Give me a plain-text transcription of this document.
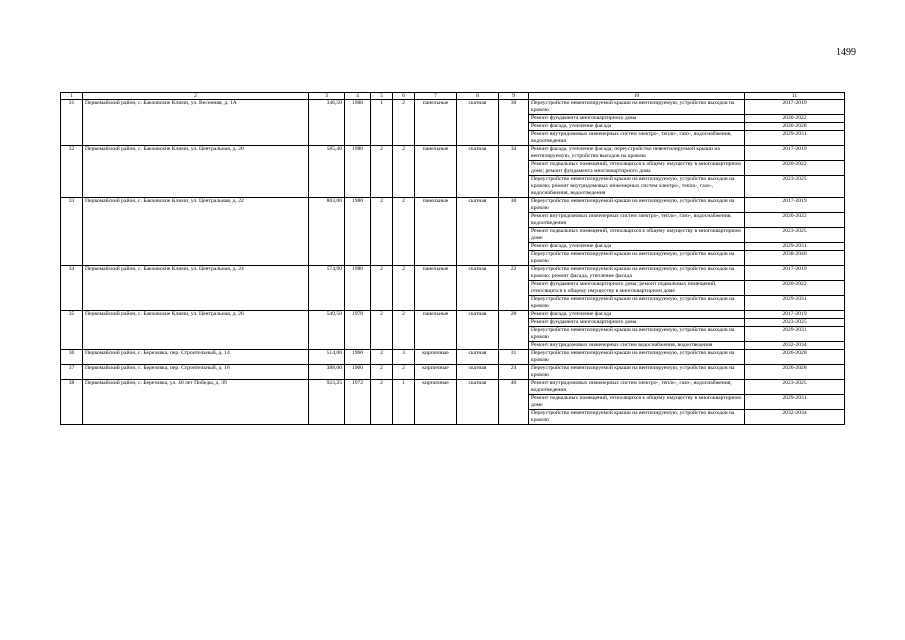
1499
1	2	3	4	5	6	7	8	9	10	11
31	Первомайский район, с. Бакчовские Ключи, ул. Весенняя, д. 1А	346,50	1980	1	2	панельные	скатная	30	Переустройство невентилируемой крыши на вентилируемую, устройство выходов на кровлю	2017-2019
									Ремонт фундамента многоквартирного дома	2020-2022
									Ремонт фасада, утепление фасада	2026-2028
									Ремонт внутридомовых инженерных систем электро-, тепло-, газо-, водоснабжения, водоотведения	2029-2031
32	Первомайский район, с. Бакчовские Ключи, ул. Центральная, д. 20	585,40	1980	2	2	панельные	скатная	34	Ремонт фасада, утепление фасада; переустройство невентилируемой крыши на вентилируемую, устройство выходов на кровлю	2017-2019
									Ремонт подвальных помещений, относящихся к общему имуществу в многоквартирном доме; ремонт фундамента многоквартирного дома	2020-2022
									Переустройство невентилируемой крыши на вентилируемую, устройство выходов на кровлю; ремонт внутридомовых инженерных систем электро-, тепло-, газо-, водоснабжения, водоотведения	2023-2025
33	Первомайский район, с. Бакчовские Ключи, ул. Центральная, д. 22	803,00	1980	2	2	панельные	скатная	30	Переустройство невентилируемой крыши на вентилируемую, устройство выходов на кровлю	2017-2019
									Ремонт внутридомовых инженерных систем электро-, тепло-, газо-, водоснабжения, водоотведения	2020-2022
									Ремонт подвальных помещений, относящихся к общему имуществу в многоквартирном доме	2023-2025
									Ремонт фасада, утепление фасада	2029-2031
									Переустройство невентилируемой крыши на вентилируемую, устройство выходов на кровлю	2038-2040
34	Первомайский район, с. Бакчовские Ключи, ул. Центральная, д. 24	574,90	1980	2	2	панельные	скатная	22	Переустройство невентилируемой крыши на вентилируемую, устройство выходов на кровлю; ремонт фасада, утепление фасада	2017-2019
									Ремонт фундамента многоквартирного дома; ремонт подвальных помещений, относящихся к общему имуществу в многоквартирном доме	2020-2022
									Переустройство невентилируемой крыши на вентилируемую, устройство выходов на кровлю	2029-2031
35	Первомайский район, с. Бакчовские Ключи, ул. Центральная, д. 26	549,50	1978	2	2	панельные	скатная	28	Ремонт фасада, утепление фасада	2017-2019
									Ремонт фундамента многоквартирного дома	2023-2025
									Переустройство невентилируемой крыши на вентилируемую, устройство выходов на кровлю	2029-2031
									Ремонт внутридомовых инженерных систем водоснабжения, водоотведения	2032-2034
36	Первомайский район, с. Березовка, пер. Строительный, д. 14	514,00	1960	2	3	кирпичные	скатная	31	Переустройство невентилируемой крыши на вентилируемую, устройство выходов на кровлю	2026-2028
37	Первомайский район, с. Березовка, пер. Строительный, д. 16	388,00	1960	2	2	кирпичные	скатная	24	Переустройство невентилируемой крыши на вентилируемую, устройство выходов на кровлю	2026-2028
38	Первомайский район, с. Березовка, ул. 40 лет Победы, д. 39	923,25	1972	2	1	кирпичные	скатная	40	Ремонт внутридомовых инженерных систем электро-, тепло-, газо-, водоснабжения, водоотведения	2023-2025
									Ремонт подвальных помещений, относящихся к общему имуществу в многоквартирном доме	2029-2031
									Переустройство невентилируемой крыши на вентилируемую, устройство выходов на кровлю	2032-2034
